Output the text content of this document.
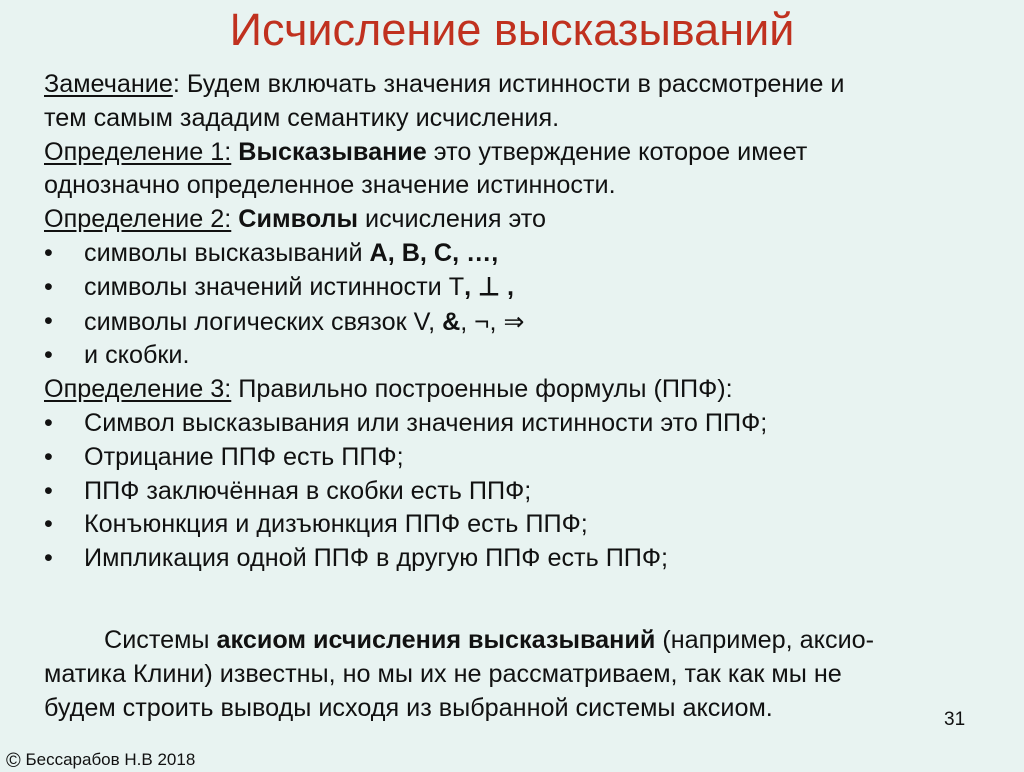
Исчисление высказываний
Замечание: Будем включать значения истинности в рассмотрение и
тем самым зададим семантику исчисления.
Определение 1: Высказывание это утверждение которое имеет
однозначно определенное значение истинности.
Определение 2: Символы исчисления это
•	символы высказываний A, B, C, …,
•	символы значений истинности T, ⊥ ,
•	символы логических связок V, &, ⌐, ⇒
•	и скобки.
Определение 3: Правильно построенные формулы (ППФ):
•	Символ высказывания или значения истинности это ППФ;
•	Отрицание ППФ есть ППФ;
•	ППФ заключённая в скобки есть ППФ;
•	Конъюнкция и дизъюнкция ППФ есть ППФ;
•	Импликация одной ППФ в другую ППФ есть ППФ;
Системы аксиом исчисления высказываний (например, аксио-
матика Клини) известны, но мы их не рассматриваем, так как мы не
будем строить выводы исходя из выбранной системы аксиом.	31
© Бессарабов Н.В 2018
